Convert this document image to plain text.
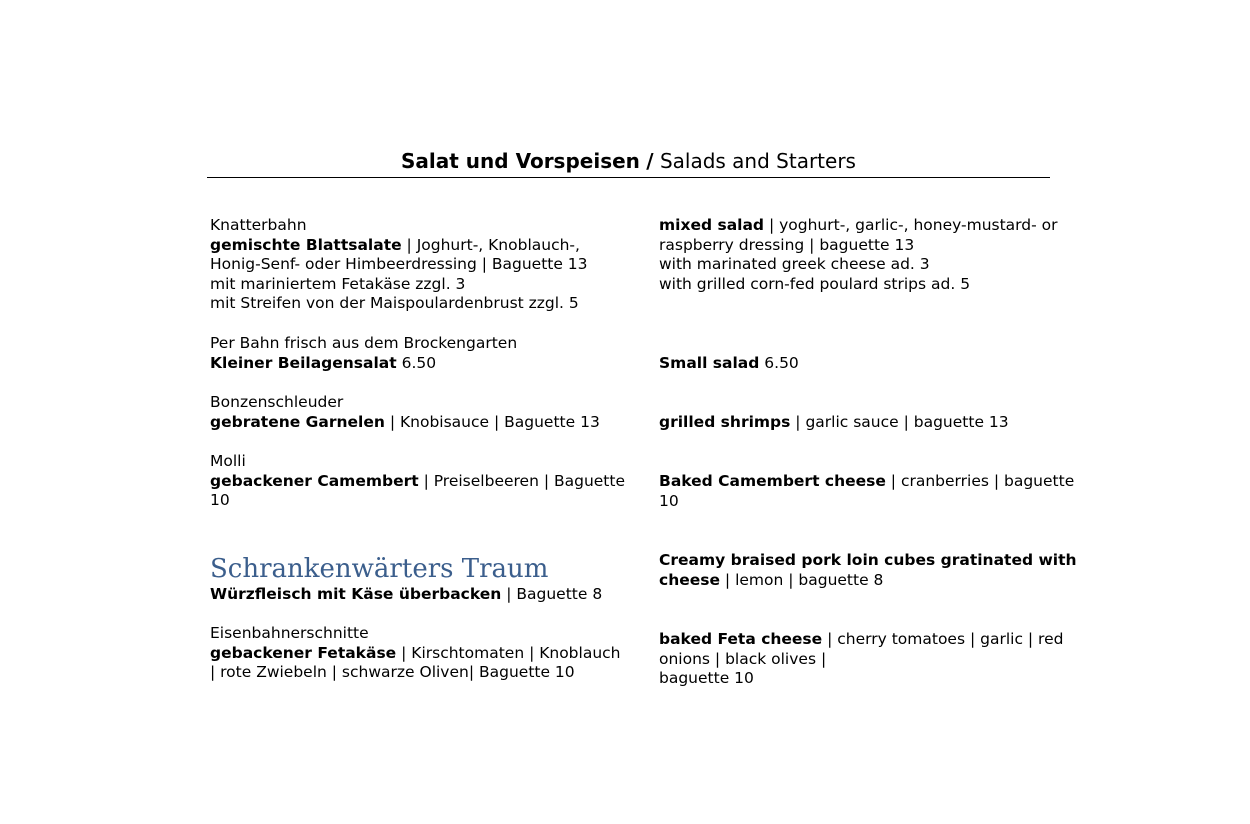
Salat und Vorspeisen / Salads and Starters
Knatterbahn
gemischte Blattsalate | Joghurt-, Knoblauch-,
Honig-Senf- oder Himbeerdressing | Baguette 13
mit mariniertem Fetakäse zzgl. 3
mit Streifen von der Maispoulardenbrust zzgl. 5
Per Bahn frisch aus dem Brockengarten
Kleiner Beilagensalat 6.50
Bonzenschleuder
gebratene Garnelen | Knobisauce | Baguette 13
Molli
gebackener Camembert | Preiselbeeren | Baguette
10
Schrankenwärters Traum
Würzfleisch mit Käse überbacken | Baguette 8
Eisenbahnerschnitte
gebackener Fetakäse | Kirschtomaten | Knoblauch
| rote Zwiebeln | schwarze Oliven| Baguette 10
mixed salad | yoghurt-, garlic-, honey-mustard- or
raspberry dressing | baguette 13
with marinated greek cheese ad. 3
with grilled corn-fed poulard strips ad. 5
Small salad 6.50
grilled shrimps | garlic sauce | baguette 13
Baked Camembert cheese | cranberries | baguette
10
Creamy braised pork loin cubes gratinated with
cheese | lemon | baguette 8
baked Feta cheese | cherry tomatoes | garlic | red
onions | black olives |
baguette 10
